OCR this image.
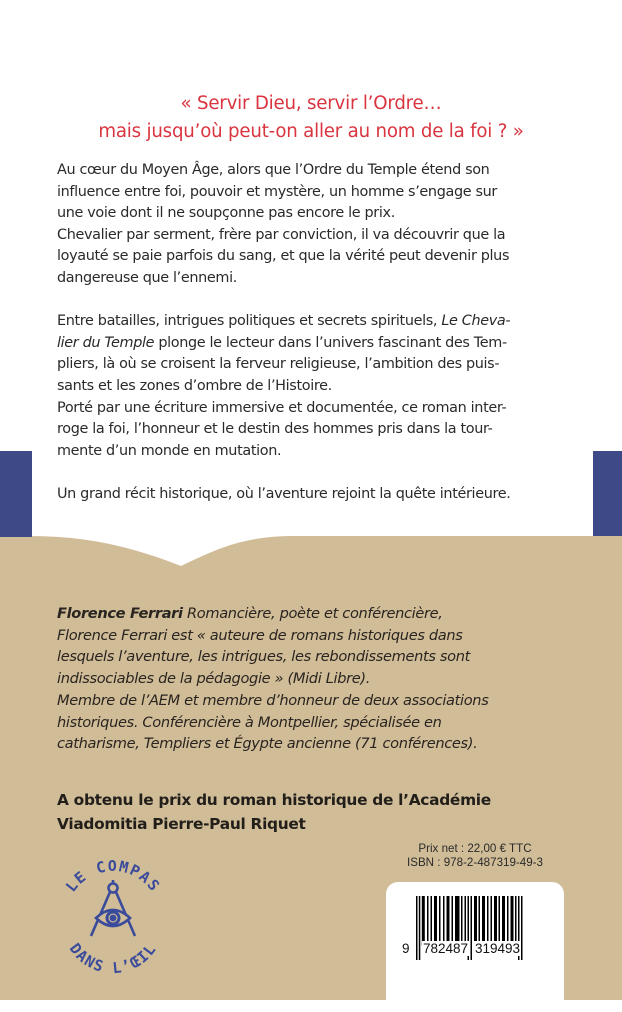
« Servir Dieu, servir l’Ordre…
mais jusqu’où peut-on aller au nom de la foi ? »
Au cœur du Moyen Âge, alors que l’Ordre du Temple étend son
influence entre foi, pouvoir et mystère, un homme s’engage sur
une voie dont il ne soupçonne pas encore le prix.
Chevalier par serment, frère par conviction, il va découvrir que la
loyauté se paie parfois du sang, et que la vérité peut devenir plus
dangereuse que l’ennemi.
Entre batailles, intrigues politiques et secrets spirituels, Le Cheva-
lier du Temple plonge le lecteur dans l’univers fascinant des Tem-
pliers, là où se croisent la ferveur religieuse, l’ambition des puis-
sants et les zones d’ombre de l’Histoire.
Porté par une écriture immersive et documentée, ce roman inter-
roge la foi, l’honneur et le destin des hommes pris dans la tour-
mente d’un monde en mutation.
Un grand récit historique, où l’aventure rejoint la quête intérieure.
Florence Ferrari Romancière, poète et conférencière,
Florence Ferrari est « auteure de romans historiques dans
lesquels l’aventure, les intrigues, les rebondissements sont
indissociables de la pédagogie » (Midi Libre).
Membre de l’AEM et membre d’honneur de deux associations
historiques. Conférencière à Montpellier, spécialisée en
catharisme, Templiers et Égypte ancienne (71 conférences).
A obtenu le prix du roman historique de l’Académie
Viadomitia Pierre-Paul Riquet
LE COMPAS
DANS L’ŒIL
Prix net : 22,00 € TTC
ISBN : 978-2-487319-49-3
9 782487 319493
